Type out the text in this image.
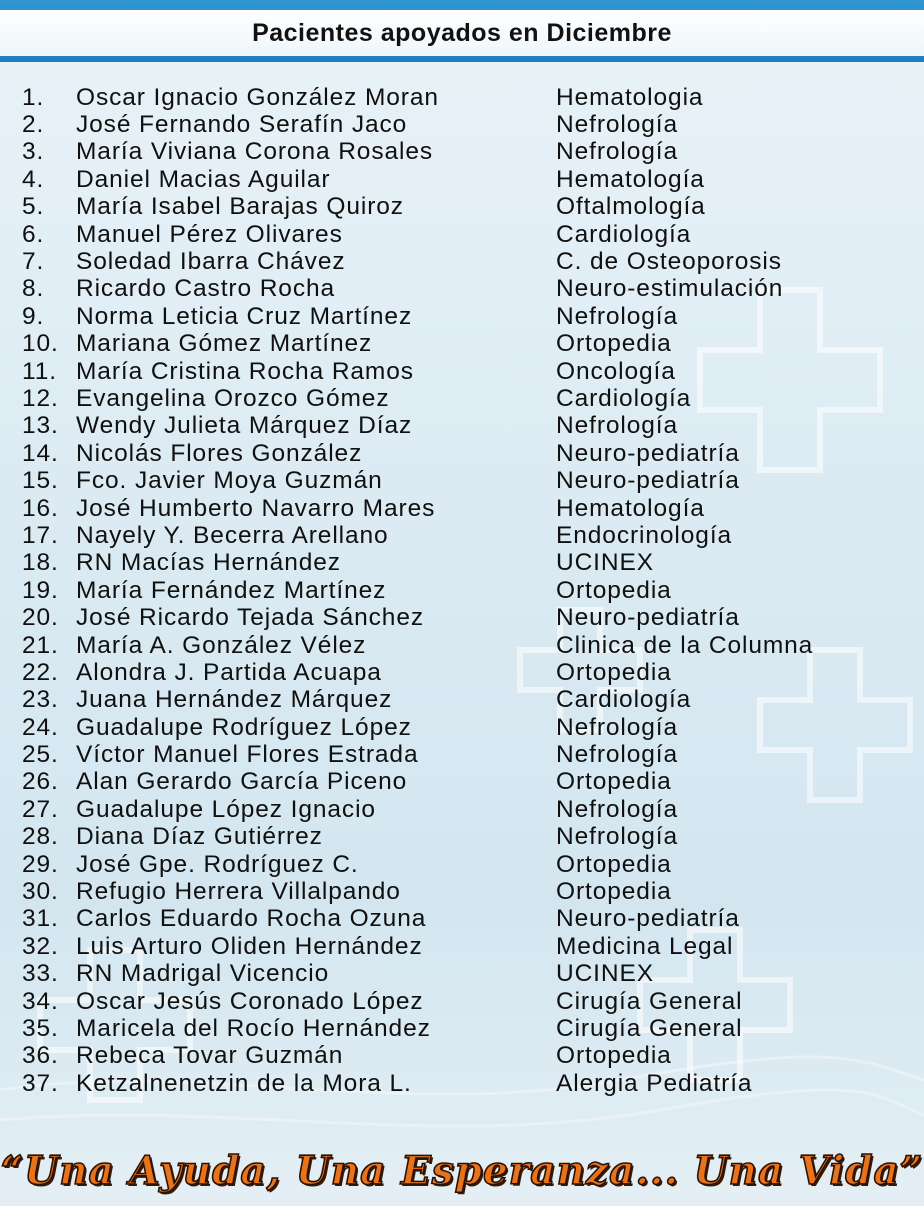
Pacientes apoyados en Diciembre
1.	Oscar Ignacio González Moran	Hematologia
2.	José Fernando Serafín Jaco	Nefrología
3.	María Viviana Corona Rosales	Nefrología
4.	Daniel Macias Aguilar	Hematología
5.	María Isabel Barajas Quiroz	Oftalmología
6.	Manuel Pérez Olivares	Cardiología
7.	Soledad Ibarra Chávez	C. de Osteoporosis
8.	Ricardo Castro Rocha	Neuro-estimulación
9.	Norma Leticia Cruz Martínez	Nefrología
10. Mariana Gómez Martínez	Ortopedia
11. María Cristina Rocha Ramos	Oncología
12. Evangelina Orozco Gómez	Cardiología
13. Wendy Julieta Márquez Díaz	Nefrología
14. Nicolás Flores González	Neuro-pediatría
15. Fco. Javier Moya Guzmán	Neuro-pediatría
16. José Humberto Navarro Mares	Hematología
17. Nayely Y. Becerra Arellano	Endocrinología
18. RN Macías Hernández	UCINEX
19. María Fernández Martínez	Ortopedia
20. José Ricardo Tejada Sánchez	Neuro-pediatría
21. María A. González Vélez	Clinica de la Columna
22. Alondra J. Partida Acuapa	Ortopedia
23. Juana Hernández Márquez	Cardiología
24. Guadalupe Rodríguez López	Nefrología
25. Víctor Manuel Flores Estrada	Nefrología
26. Alan Gerardo García Piceno	Ortopedia
27. Guadalupe López Ignacio	Nefrología
28. Diana Díaz Gutiérrez	Nefrología
29. José Gpe. Rodríguez C.	Ortopedia
30. Refugio Herrera Villalpando	Ortopedia
31. Carlos Eduardo Rocha Ozuna	Neuro-pediatría
32. Luis Arturo Oliden Hernández	Medicina Legal
33. RN Madrigal Vicencio	UCINEX
34. Oscar Jesús Coronado López	Cirugía General
35. Maricela del Rocío Hernández	Cirugía General
36. Rebeca Tovar Guzmán	Ortopedia
37. Ketzalnenetzin de la Mora L.	Alergia Pediatría
“Una Ayuda, Una Esperanza... Una Vida”
